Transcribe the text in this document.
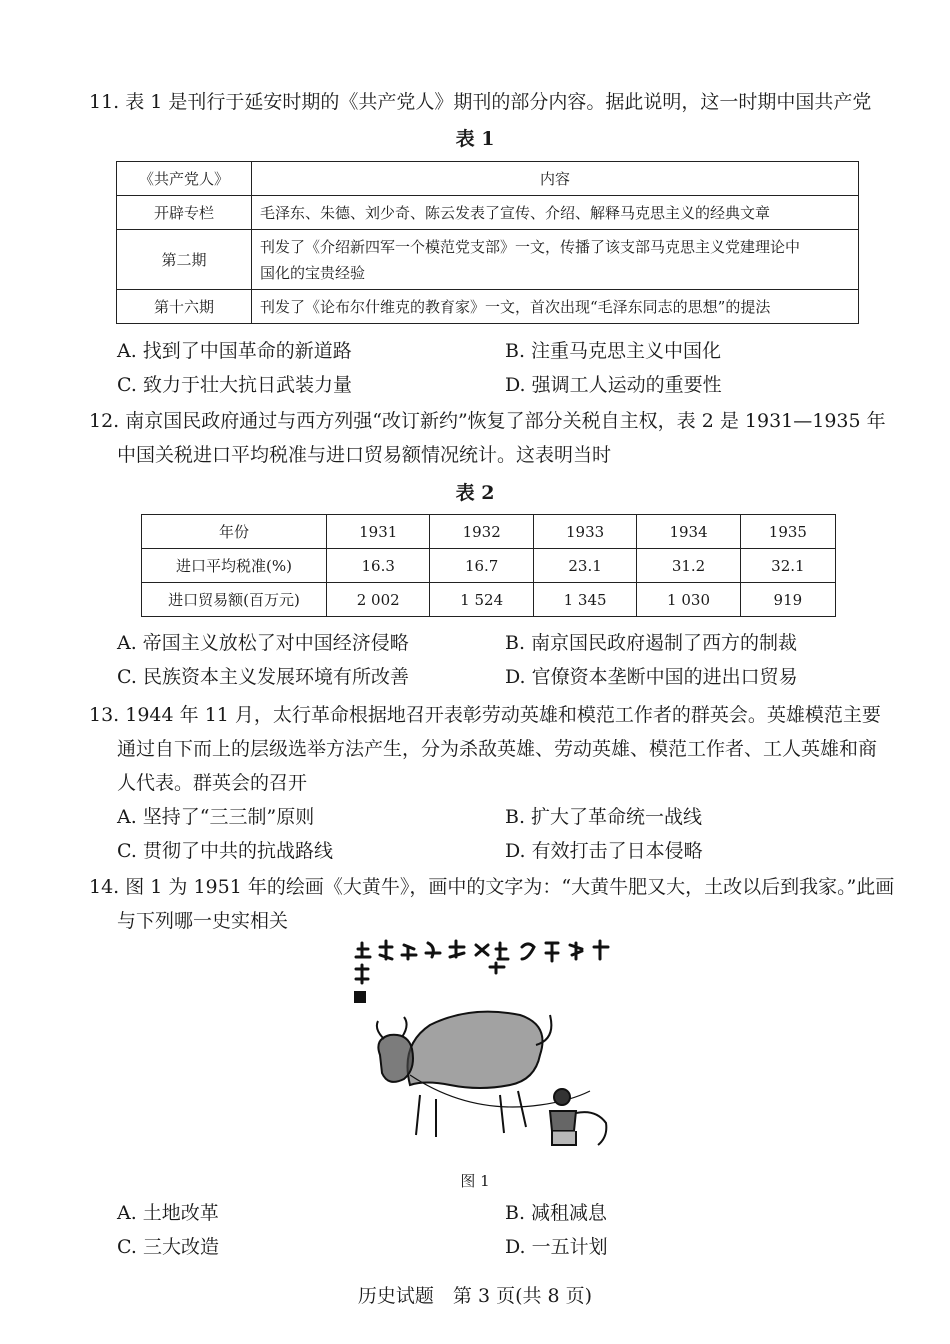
11. 表 1 是刊行于延安时期的《共产党人》期刊的部分内容。据此说明，这一时期中国共产党
表 1
《共产党人》	内容
开辟专栏	毛泽东、朱德、刘少奇、陈云发表了宣传、介绍、解释马克思主义的经典文章
第二期	刊发了《介绍新四军一个模范党支部》一文，传播了该支部马克思主义党建理论中
国化的宝贵经验

第十六期	刊发了《论布尔什维克的教育家》一文，首次出现“毛泽东同志的思想”的提法
A. 找到了中国革命的新道路	B. 注重马克思主义中国化
C. 致力于壮大抗日武装力量	D. 强调工人运动的重要性
12. 南京国民政府通过与西方列强“改订新约”恢复了部分关税自主权，表 2 是 1931—1935 年
中国关税进口平均税准与进口贸易额情况统计。这表明当时
表 2
年份	1931	1932	1933	1934	1935
进口平均税准(%)	16.3	16.7	23.1	31.2	32.1
进口贸易额(百万元)	2 002	1 524	1 345	1 030	919
A. 帝国主义放松了对中国经济侵略	B. 南京国民政府遏制了西方的制裁
C. 民族资本主义发展环境有所改善	D. 官僚资本垄断中国的进出口贸易
13. 1944 年 11 月，太行革命根据地召开表彰劳动英雄和模范工作者的群英会。英雄模范主要
通过自下而上的层级选举方法产生，分为杀敌英雄、劳动英雄、模范工作者、工人英雄和商
人代表。群英会的召开
A. 坚持了“三三制”原则	B. 扩大了革命统一战线
C. 贯彻了中共的抗战路线	D. 有效打击了日本侵略
14. 图 1 为 1951 年的绘画《大黄牛》，画中的文字为：“大黄牛肥又大，土改以后到我家。”此画
与下列哪一史实相关
图 1
A. 土地改革	B. 减租减息
C. 三大改造	D. 一五计划
历史试题　第 3 页(共 8 页)
